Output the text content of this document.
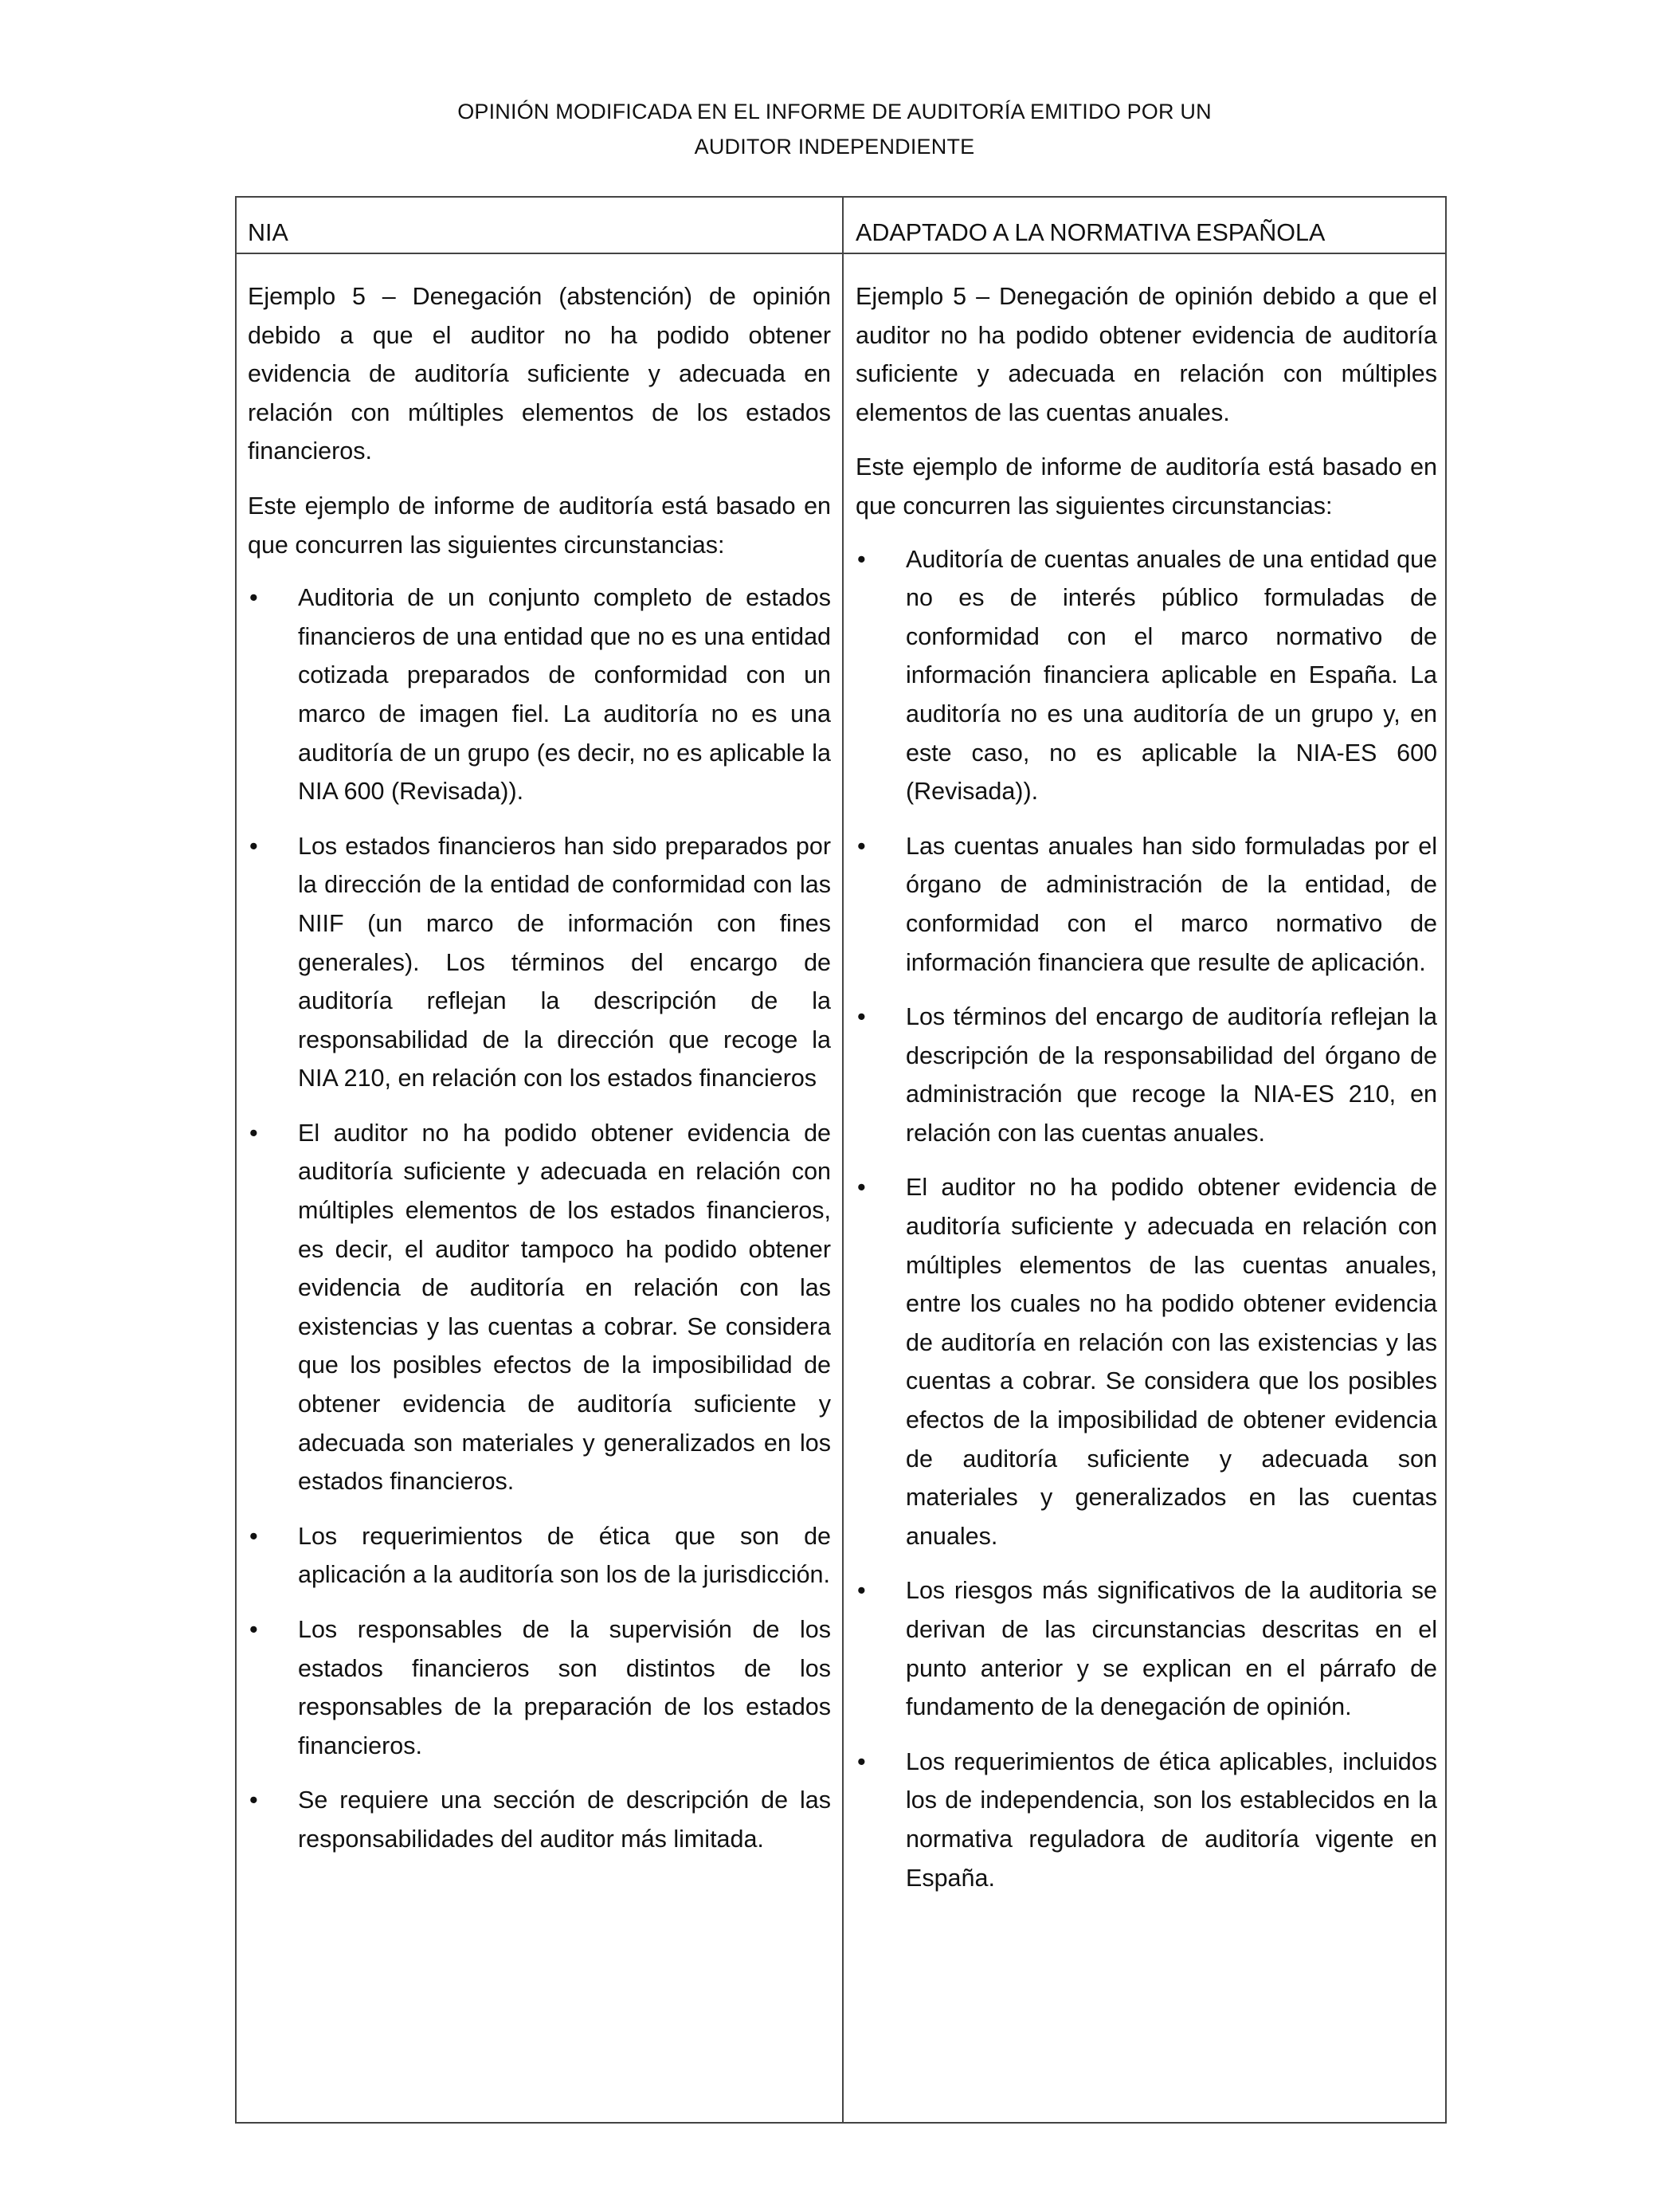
OPINIÓN MODIFICADA EN EL INFORME DE AUDITORÍA EMITIDO POR UN
AUDITOR INDEPENDIENTE
NIA

Ejemplo 5 – Denegación (abstención) de opinión debido a que el auditor no ha podido obtener evidencia de auditoría suficiente y adecuada en relación con múltiples elementos de los estados financieros.

Este ejemplo de informe de auditoría está basado en que concurren las siguientes circunstancias:

• Auditoria de un conjunto completo de estados financieros de una entidad que no es una entidad cotizada preparados de conformidad con un marco de imagen fiel. La auditoría no es una auditoría de un grupo (es decir, no es aplicable la NIA 600 (Revisada)).
• Los estados financieros han sido preparados por la dirección de la entidad de conformidad con las NIIF (un marco de información con fines generales). Los términos del encargo de auditoría reflejan la descripción de la responsabilidad de la dirección que recoge la NIA 210, en relación con los estados financieros
• El auditor no ha podido obtener evidencia de auditoría suficiente y adecuada en relación con múltiples elementos de los estados financieros, es decir, el auditor tampoco ha podido obtener evidencia de auditoría en relación con las existencias y las cuentas a cobrar. Se considera que los posibles efectos de la imposibilidad de obtener evidencia de auditoría suficiente y adecuada son materiales y generalizados en los estados financieros.
• Los requerimientos de ética que son de aplicación a la auditoría son los de la jurisdicción.
• Los responsables de la supervisión de los estados financieros son distintos de los responsables de la preparación de los estados financieros.
• Se requiere una sección de descripción de las responsabilidades del auditor más limitada.
ADAPTADO A LA NORMATIVA ESPAÑOLA

Ejemplo 5 – Denegación de opinión debido a que el auditor no ha podido obtener evidencia de auditoría suficiente y adecuada en relación con múltiples elementos de las cuentas anuales.

Este ejemplo de informe de auditoría está basado en que concurren las siguientes circunstancias:

• Auditoría de cuentas anuales de una entidad que no es de interés público formuladas de conformidad con el marco normativo de información financiera aplicable en España. La auditoría no es una auditoría de un grupo y, en este caso, no es aplicable la NIA-ES 600 (Revisada)).
• Las cuentas anuales han sido formuladas por el órgano de administración de la entidad, de conformidad con el marco normativo de información financiera que resulte de aplicación.
• Los términos del encargo de auditoría reflejan la descripción de la responsabilidad del órgano de administración que recoge la NIA-ES 210, en relación con las cuentas anuales.
• El auditor no ha podido obtener evidencia de auditoría suficiente y adecuada en relación con múltiples elementos de las cuentas anuales, entre los cuales no ha podido obtener evidencia de auditoría en relación con las existencias y las cuentas a cobrar. Se considera que los posibles efectos de la imposibilidad de obtener evidencia de auditoría suficiente y adecuada son materiales y generalizados en las cuentas anuales.
• Los riesgos más significativos de la auditoria se derivan de las circunstancias descritas en el punto anterior y se explican en el párrafo de fundamento de la denegación de opinión.
• Los requerimientos de ética aplicables, incluidos los de independencia, son los establecidos en la normativa reguladora de auditoría vigente en España.
